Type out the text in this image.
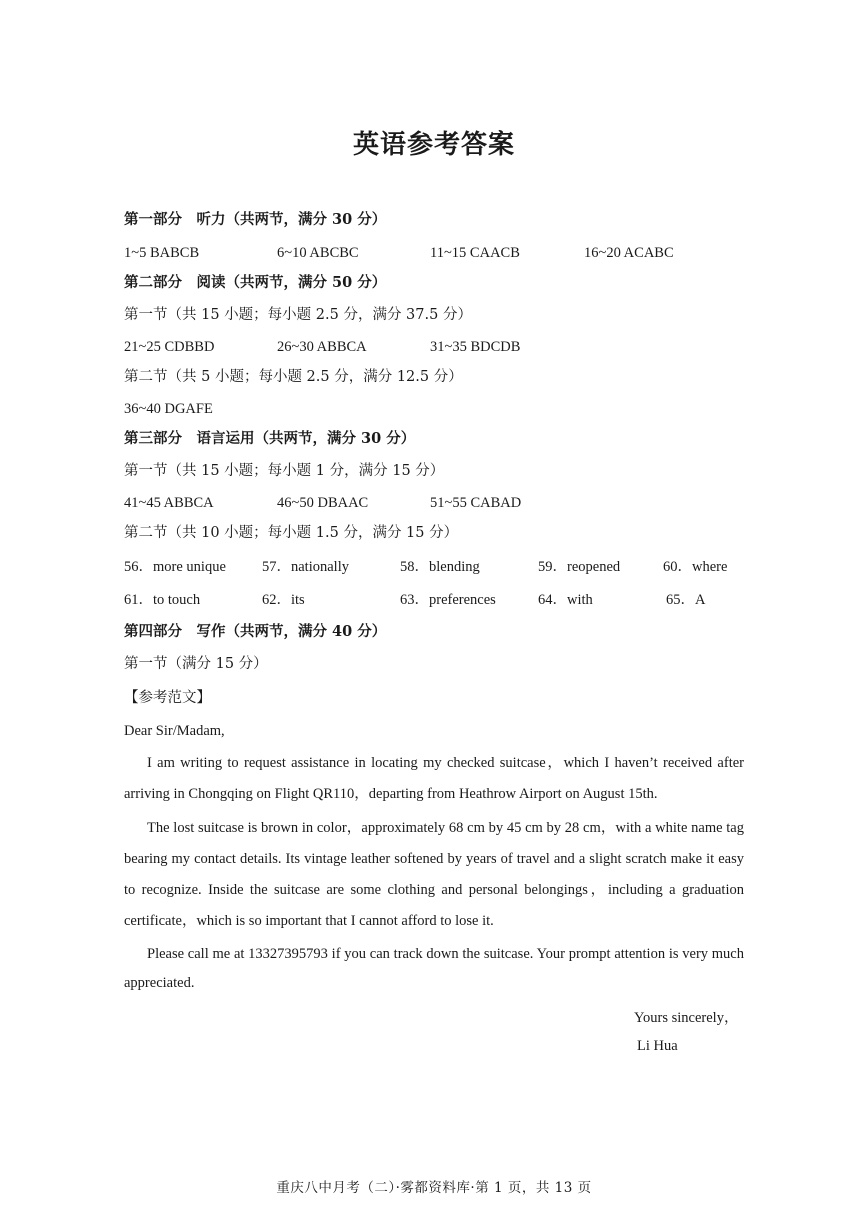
英语参考答案
第一部分　听力（共两节，满分 30 分）
1~5 BABCB	6~10 ABCBC	11~15 CAACB	16~20 ACABC
第二部分　阅读（共两节，满分 50 分）
第一节（共 15 小题；每小题 2.5 分，满分 37.5 分）
21~25 CDBBD	26~30 ABBCA	31~35 BDCDB
第二节（共 5 小题；每小题 2.5 分，满分 12.5 分）
36~40 DGAFE
第三部分　语言运用（共两节，满分 30 分）
第一节（共 15 小题；每小题 1 分，满分 15 分）
41~45 ABBCA	46~50 DBAAC	51~55 CABAD
第二节（共 10 小题；每小题 1.5 分，满分 15 分）
56．more unique 57．nationally	58．blending	59．reopened	60．where
61．to touch	62．its	63．preferences	64．with	65．A
第四部分　写作（共两节，满分 40 分）
第一节（满分 15 分）
【参考范文】
Dear Sir/Madam,
I am writing to request assistance in locating my checked suitcase，which I haven’t received after arriving in Chongqing on Flight QR110，departing from Heathrow Airport on August 15th.
The lost suitcase is brown in color，approximately 68 cm by 45 cm by 28 cm，with a white name tag bearing my contact details. Its vintage leather softened by years of travel and a slight scratch make it easy to recognize. Inside the suitcase are some clothing and personal belongings，including a graduation certificate，which is so important that I cannot afford to lose it.
Please call me at 13327395793 if you can track down the suitcase. Your prompt attention is very much appreciated.
Yours sincerely，
Li Hua
重庆八中月考（二）·雾都资料库·第 1 页，共 13 页
